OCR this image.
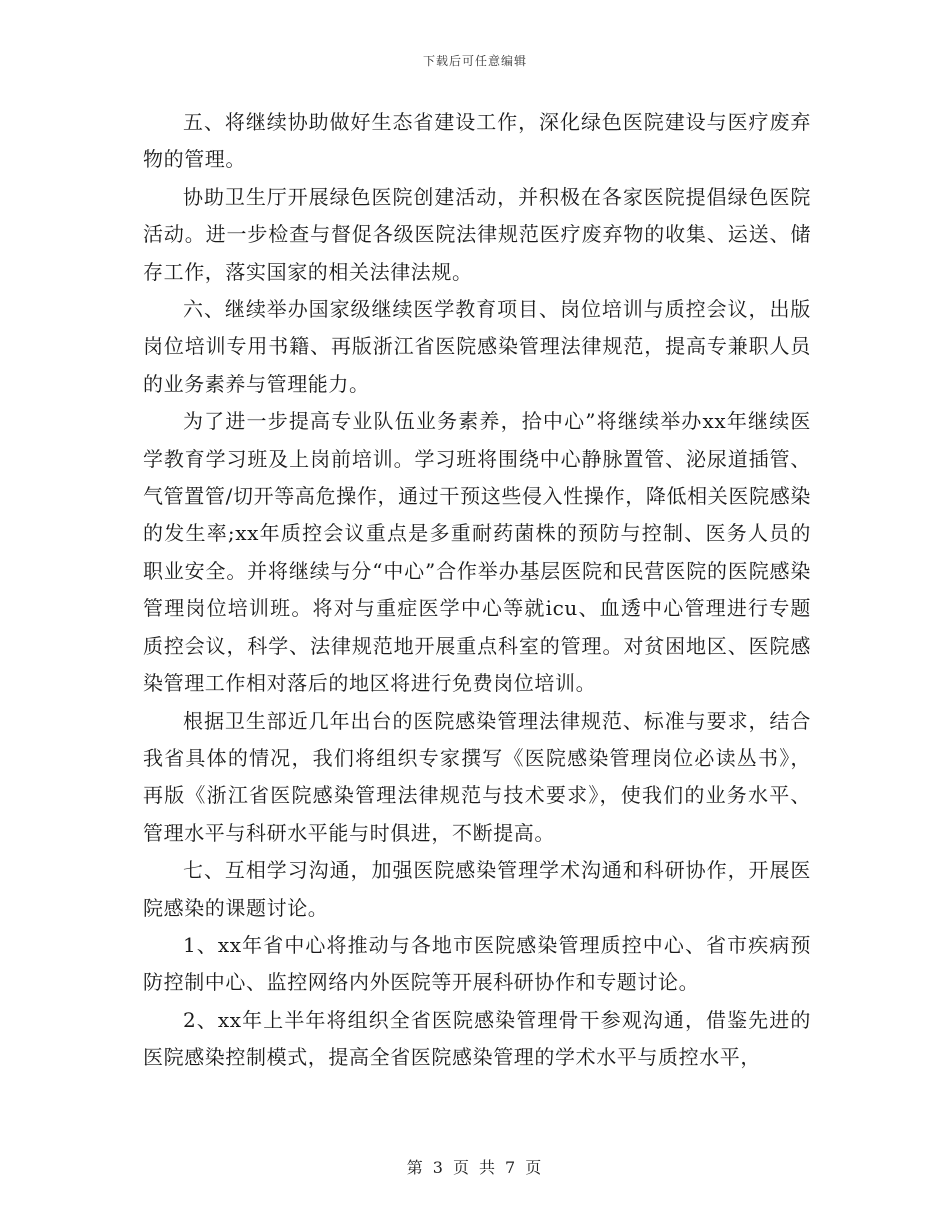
下载后可任意编辑

五、将继续协助做好生态省建设工作，深化绿色医院建设与医疗废弃物的管理。

协助卫生厅开展绿色医院创建活动，并积极在各家医院提倡绿色医院活动。进一步检查与督促各级医院法律规范医疗废弃物的收集、运送、储存工作，落实国家的相关法律法规。

六、继续举办国家级继续医学教育项目、岗位培训与质控会议，出版岗位培训专用书籍、再版浙江省医院感染管理法律规范，提高专兼职人员的业务素养与管理能力。

为了进一步提高专业队伍业务素养，拾中心”将继续举办xx年继续医学教育学习班及上岗前培训。学习班将围绕中心静脉置管、泌尿道插管、气管置管/切开等高危操作，通过干预这些侵入性操作，降低相关医院感染的发生率;xx年质控会议重点是多重耐药菌株的预防与控制、医务人员的职业安全。并将继续与分“中心”合作举办基层医院和民营医院的医院感染管理岗位培训班。将对与重症医学中心等就icu、血透中心管理进行专题质控会议，科学、法律规范地开展重点科室的管理。对贫困地区、医院感染管理工作相对落后的地区将进行免费岗位培训。

根据卫生部近几年出台的医院感染管理法律规范、标准与要求，结合我省具体的情况，我们将组织专家撰写《医院感染管理岗位必读丛书》，再版《浙江省医院感染管理法律规范与技术要求》，使我们的业务水平、管理水平与科研水平能与时俱进，不断提高。

七、互相学习沟通，加强医院感染管理学术沟通和科研协作，开展医院感染的课题讨论。

1、xx年省中心将推动与各地市医院感染管理质控中心、省市疾病预防控制中心、监控网络内外医院等开展科研协作和专题讨论。

2、xx年上半年将组织全省医院感染管理骨干参观沟通，借鉴先进的医院感染控制模式，提高全省医院感染管理的学术水平与质控水平，

第 3 页 共 7 页
